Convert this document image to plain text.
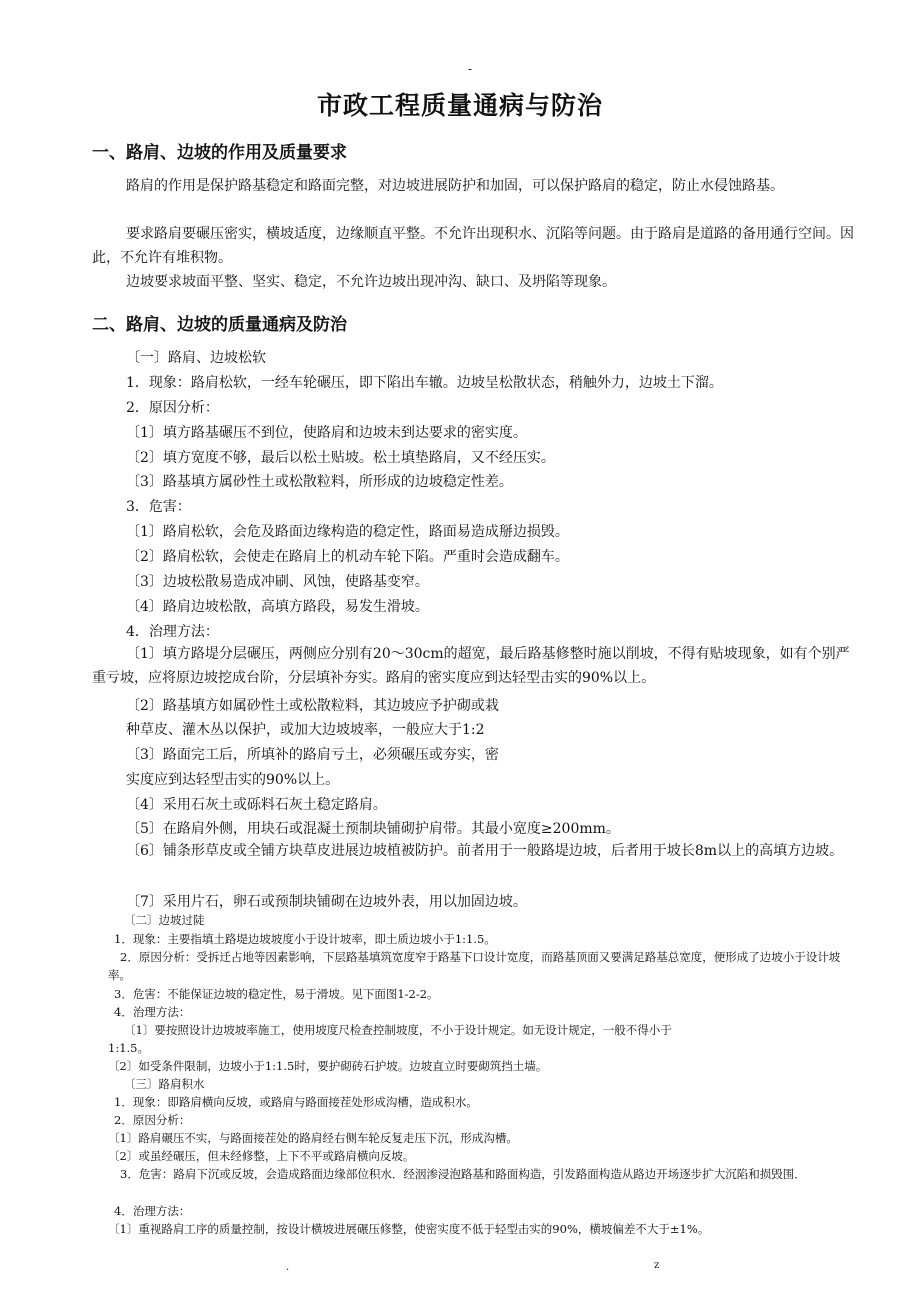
-
市政工程质量通病与防治
一、路肩、边坡的作用及质量要求
路肩的作用是保护路基稳定和路面完整，对边坡进展防护和加固，可以保护路肩的稳定，防止水侵蚀路基。
要求路肩要碾压密实，横坡适度，边缘顺直平整。不允许出现积水、沉陷等问题。由于路肩是道路的备用通行空间。因此，不允许有堆积物。
边坡要求坡面平整、坚实、稳定，不允许边坡出现冲沟、缺口、及坍陷等现象。
二、路肩、边坡的质量通病及防治
〔一〕路肩、边坡松软
1．现象：路肩松软，一经车轮碾压，即下陷出车辙。边坡呈松散状态，稍触外力，边坡土下溜。
2．原因分析：
〔1〕填方路基碾压不到位，使路肩和边坡未到达要求的密实度。
〔2〕填方宽度不够，最后以松土贴坡。松土填垫路肩，又不经压实。
〔3〕路基填方属砂性土或松散粒料，所形成的边坡稳定性差。
3．危害：
〔1〕路肩松软，会危及路面边缘构造的稳定性，路面易造成掰边损毁。
〔2〕路肩松软，会使走在路肩上的机动车轮下陷。严重时会造成翻车。
〔3〕边坡松散易造成冲刷、风蚀，使路基变窄。
〔4〕路肩边坡松散，高填方路段，易发生滑坡。
4．治理方法：
〔1〕填方路堤分层碾压，两侧应分别有20～30cm的超宽，最后路基修整时施以削坡，不得有贴坡现象，如有个别严重亏坡，应将原边坡挖成台阶，分层填补夯实。路肩的密实度应到达轻型击实的90%以上。
〔2〕路基填方如属砂性土或松散粒料，其边坡应予护砌或栽
种草皮、灌木丛以保护，或加大边坡坡率，一般应大于1:2
〔3〕路面完工后，所填补的路肩亏土，必须碾压或夯实，密
实度应到达轻型击实的90%以上。
〔4〕采用石灰土或砾料石灰土稳定路肩。
〔5〕在路肩外侧，用块石或混凝土预制块铺砌护肩带。其最小宽度≥200mm。
〔6〕铺条形草皮或全铺方块草皮进展边坡植被防护。前者用于一般路堤边坡，后者用于坡长8m以上的高填方边坡。
〔7〕采用片石，卵石或预制块铺砌在边坡外表，用以加固边坡。
〔二〕边坡过陡
1．现象：主要指填土路堤边坡坡度小于设计坡率，即土质边坡小于1:1.5。
2．原因分析：受拆迁占地等因素影响，下层路基填筑宽度窄于路基下口设计宽度，而路基顶面又要满足路基总宽度，便形成了边坡小于设计坡率。
3．危害：不能保证边坡的稳定性，易于滑坡。见下面图1-2-2。
4．治理方法：
〔1〕要按照设计边坡坡率施工，使用坡度尺检查控制坡度，不小于设计规定。如无设计规定，一般不得小于
1:1.5。
〔2〕如受条件限制，边坡小于1:1.5时，要护砌砖石护坡。边坡直立时要砌筑挡土墙。
〔三〕路肩积水
1．现象：即路肩横向反坡，或路肩与路面接茬处形成沟槽，造成积水。
2．原因分析：
〔1〕路肩碾压不实，与路面接茬处的路肩经右侧车轮反复走压下沉，形成沟槽。
〔2〕或虽经碾压，但未经修整，上下不平或路肩横向反坡。
3．危害：路肩下沉或反坡，会造成路面边缘部位积水．经洇渗浸泡路基和路面构造，引发路面构造从路边开场逐步扩大沉陷和损毁围．
4．治理方法：
〔1〕重视路肩工序的质量控制，按设计横坡进展碾压修整，使密实度不低于轻型击实的90%，横坡偏差不大于±1%。
.	z
